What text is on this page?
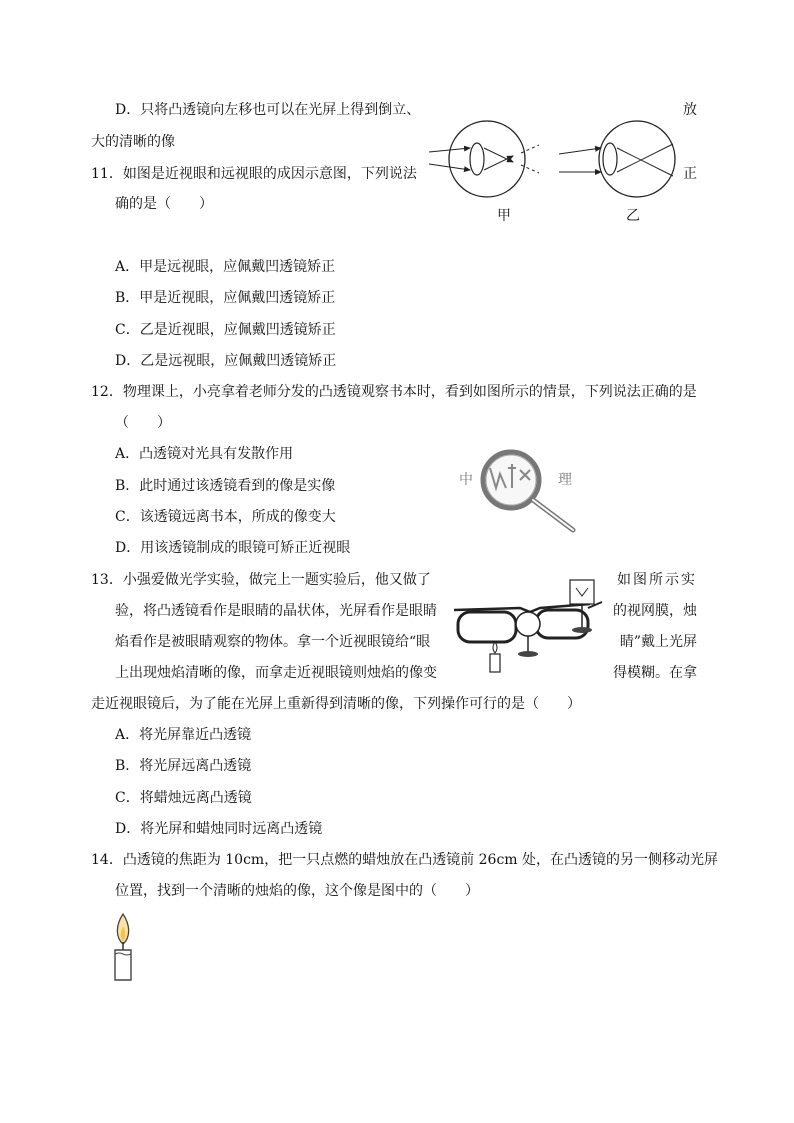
D．只将凸透镜向左移也可以在光屏上得到倒立、	放
大的清晰的像
11．如图是近视眼和远视眼的成因示意图，下列说法	正
确的是（　　）
甲	乙
A．甲是远视眼，应佩戴凹透镜矫正
B．甲是近视眼，应佩戴凹透镜矫正
C．乙是近视眼，应佩戴凹透镜矫正
D．乙是远视眼，应佩戴凹透镜矫正
12．物理课上，小亮拿着老师分发的凸透镜观察书本时，看到如图所示的情景，下列说法正确的是
（　　）
A．凸透镜对光具有发散作用
B．此时通过该透镜看到的像是实像
C．该透镜远离书本，所成的像变大
D．用该透镜制成的眼镜可矫正近视眼
中	理
13．小强爱做光学实验，做完上一题实验后，他又做了	如图所示实
验，将凸透镜看作是眼睛的晶状体，光屏看作是眼睛	的视网膜，烛
焰看作是被眼睛观察的物体。拿一个近视眼镜给“眼	睛”戴上光屏
上出现烛焰清晰的像，而拿走近视眼镜则烛焰的像变	得模糊。在拿
走近视眼镜后，为了能在光屏上重新得到清晰的像，下列操作可行的是（　　）
A．将光屏靠近凸透镜
B．将光屏远离凸透镜
C．将蜡烛远离凸透镜
D．将光屏和蜡烛同时远离凸透镜
14．凸透镜的焦距为 10cm，把一只点燃的蜡烛放在凸透镜前 26cm 处，在凸透镜的另一侧移动光屏
位置，找到一个清晰的烛焰的像，这个像是图中的（　　）
